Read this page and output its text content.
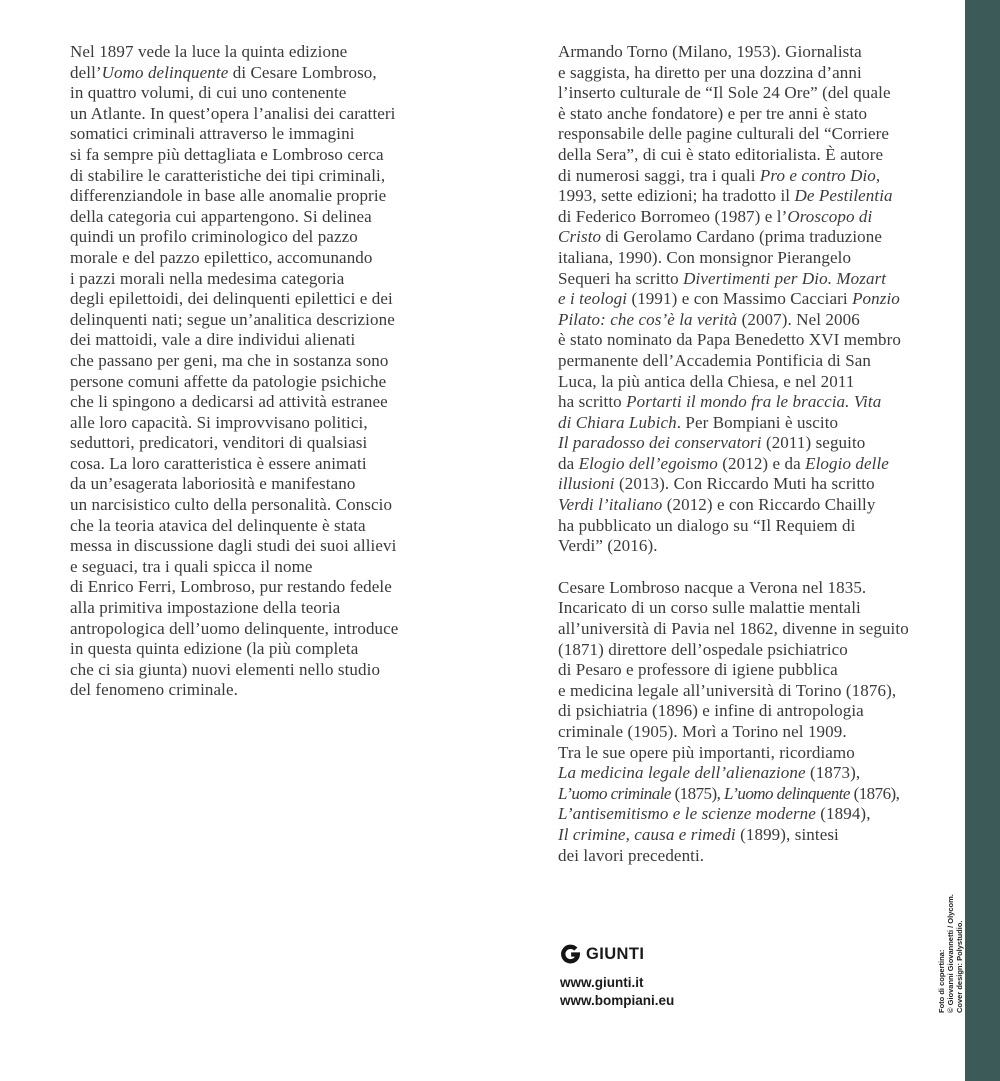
Nel 1897 vede la luce la quinta edizione
dell’Uomo delinquente di Cesare Lombroso,
in quattro volumi, di cui uno contenente
un Atlante. In quest’opera l’analisi dei caratteri
somatici criminali attraverso le immagini
si fa sempre più dettagliata e Lombroso cerca
di stabilire le caratteristiche dei tipi criminali,
differenziandole in base alle anomalie proprie
della categoria cui appartengono. Si delinea
quindi un profilo criminologico del pazzo
morale e del pazzo epilettico, accomunando
i pazzi morali nella medesima categoria
degli epilettoidi, dei delinquenti epilettici e dei
delinquenti nati; segue un’analitica descrizione
dei mattoidi, vale a dire individui alienati
che passano per geni, ma che in sostanza sono
persone comuni affette da patologie psichiche
che li spingono a dedicarsi ad attività estranee
alle loro capacità. Si improvvisano politici,
seduttori, predicatori, venditori di qualsiasi
cosa. La loro caratteristica è essere animati
da un’esagerata laboriosità e manifestano
un narcisistico culto della personalità. Conscio
che la teoria atavica del delinquente è stata
messa in discussione dagli studi dei suoi allievi
e seguaci, tra i quali spicca il nome
di Enrico Ferri, Lombroso, pur restando fedele
alla primitiva impostazione della teoria
antropologica dell’uomo delinquente, introduce
in questa quinta edizione (la più completa
che ci sia giunta) nuovi elementi nello studio
del fenomeno criminale.
Armando Torno (Milano, 1953). Giornalista
e saggista, ha diretto per una dozzina d’anni
l’inserto culturale de “Il Sole 24 Ore” (del quale
è stato anche fondatore) e per tre anni è stato
responsabile delle pagine culturali del “Corriere
della Sera”, di cui è stato editorialista. È autore
di numerosi saggi, tra i quali Pro e contro Dio,
1993, sette edizioni; ha tradotto il De Pestilentia
di Federico Borromeo (1987) e l’Oroscopo di
Cristo di Gerolamo Cardano (prima traduzione
italiana, 1990). Con monsignor Pierangelo
Sequeri ha scritto Divertimenti per Dio. Mozart
e i teologi (1991) e con Massimo Cacciari Ponzio
Pilato: che cos’è la verità (2007). Nel 2006
è stato nominato da Papa Benedetto XVI membro
permanente dell’Accademia Pontificia di San
Luca, la più antica della Chiesa, e nel 2011
ha scritto Portarti il mondo fra le braccia. Vita
di Chiara Lubich. Per Bompiani è uscito
Il paradosso dei conservatori (2011) seguito
da Elogio dell’egoismo (2012) e da Elogio delle
illusioni (2013). Con Riccardo Muti ha scritto
Verdi l’italiano (2012) e con Riccardo Chailly
ha pubblicato un dialogo su “Il Requiem di
Verdi” (2016).
Cesare Lombroso nacque a Verona nel 1835.
Incaricato di un corso sulle malattie mentali
all’università di Pavia nel 1862, divenne in seguito
(1871) direttore dell’ospedale psichiatrico
di Pesaro e professore di igiene pubblica
e medicina legale all’università di Torino (1876),
di psichiatria (1896) e infine di antropologia
criminale (1905). Morì a Torino nel 1909.
Tra le sue opere più importanti, ricordiamo
La medicina legale dell’alienazione (1873),
L’uomo criminale (1875), L’uomo delinquente (1876),
L’antisemitismo e le scienze moderne (1894),
Il crimine, causa e rimedi (1899), sintesi
dei lavori precedenti.
GIUNTI
www.giunti.it
www.bompiani.eu	Foto di copertina: © Giovanni Giovannetti / Olycom. Cover design: Polystudio.
